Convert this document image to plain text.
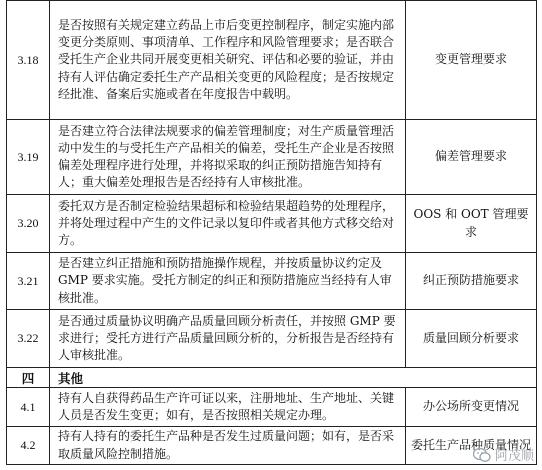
3.18	是否按照有关规定建立药品上市后变更控制程序，制定实施内部变更分类原则、事项清单、工作程序和风险管理要求；是否联合受托生产企业共同开展变更相关研究、评估和必要的验证，并由持有人评估确定委托生产产品相关变更的风险程度；是否按规定经批准、备案后实施或者在年度报告中载明。	变更管理要求
3.19	是否建立符合法律法规要求的偏差管理制度；对生产质量管理活动中发生的与受托生产产品相关的偏差，受托生产企业是否按照偏差处理程序进行处理，并将拟采取的纠正预防措施告知持有人；重大偏差处理报告是否经持有人审核批准。	偏差管理要求
3.20	委托双方是否制定检验结果超标和检验结果超趋势的处理程序，并将处理过程中产生的文件记录以复印件或者其他方式移交给对方。	OOS 和 OOT 管理要求
3.21	是否建立纠正措施和预防措施操作规程，并按质量协议约定及 GMP 要求实施。受托方制定的纠正和预防措施应当经持有人审核批准。	纠正预防措施要求
3.22	是否通过质量协议明确产品质量回顾分析责任，并按照 GMP 要求进行；受托方进行产品质量回顾分析的，分析报告是否经持有人审核批准。	质量回顾分析要求
四	其他	
4.1	持有人自获得药品生产许可证以来，注册地址、生产地址、关键人员是否发生变更；如有，是否按照相关规定办理。	办公场所变更情况
4.2	持有人持有的委托生产品种是否发生过质量问题；如有，是否采取质量风险控制措施。	委托生产品种质量情况
阿茂顺
